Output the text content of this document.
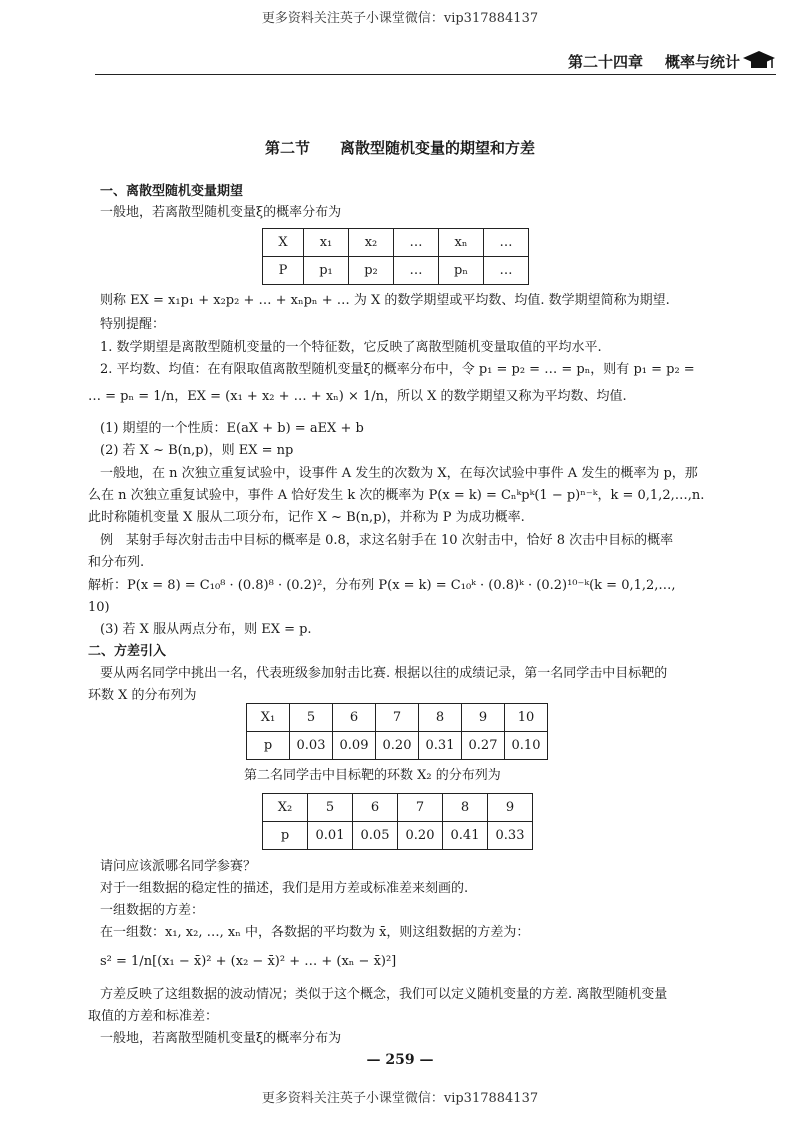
更多资料关注英子小课堂微信：vip317884137
第二十四章 概率与统计
第二节 离散型随机变量的期望和方差
一、离散型随机变量期望
一般地，若离散型随机变量ξ的概率分布为
X	x₁	x₂	…	xₙ	…
P	p₁	p₂	…	pₙ	…
则称 EX = x₁p₁ + x₂p₂ + … + xₙpₙ + … 为 X 的数学期望或平均数、均值. 数学期望简称为期望.
特别提醒：
1. 数学期望是离散型随机变量的一个特征数，它反映了离散型随机变量取值的平均水平.
2. 平均数、均值：在有限取值离散型随机变量ξ的概率分布中，令 p₁ = p₂ = … = pₙ，则有 p₁ = p₂ =
… = pₙ = 1/n，EX = (x₁ + x₂ + … + xₙ) × 1/n，所以 X 的数学期望又称为平均数、均值.
(1) 期望的一个性质：E(aX + b) = aEX + b
(2) 若 X ~ B(n,p)，则 EX = np
一般地，在 n 次独立重复试验中，设事件 A 发生的次数为 X，在每次试验中事件 A 发生的概率为 p，那
么在 n 次独立重复试验中，事件 A 恰好发生 k 次的概率为 P(x = k) = Cₙᵏpᵏ(1 − p)ⁿ⁻ᵏ，k = 0,1,2,…,n.
此时称随机变量 X 服从二项分布，记作 X ~ B(n,p)，并称为 P 为成功概率.
例　某射手每次射击击中目标的概率是 0.8，求这名射手在 10 次射击中，恰好 8 次击中目标的概率
和分布列.
解析：P(x = 8) = C₁₀⁸ · (0.8)⁸ · (0.2)²，分布列 P(x = k) = C₁₀ᵏ · (0.8)ᵏ · (0.2)¹⁰⁻ᵏ(k = 0,1,2,…,
10)
(3) 若 X 服从两点分布，则 EX = p.
二、方差引入
要从两名同学中挑出一名，代表班级参加射击比赛. 根据以往的成绩记录，第一名同学击中目标靶的
环数 X 的分布列为
X₁	5	6	7	8	9	10
p	0.03	0.09	0.20	0.31	0.27	0.10
第二名同学击中目标靶的环数 X₂ 的分布列为
X₂	5	6	7	8	9
p	0.01	0.05	0.20	0.41	0.33
请问应该派哪名同学参赛？
对于一组数据的稳定性的描述，我们是用方差或标准差来刻画的.
一组数据的方差：
在一组数：x₁, x₂, …, xₙ 中，各数据的平均数为 x̄，则这组数据的方差为：
s² = 1/n[(x₁ − x̄)² + (x₂ − x̄)² + … + (xₙ − x̄)²]
方差反映了这组数据的波动情况；类似于这个概念，我们可以定义随机变量的方差. 离散型随机变量
取值的方差和标准差：
一般地，若离散型随机变量ξ的概率分布为
— 259 —
更多资料关注英子小课堂微信：vip317884137
